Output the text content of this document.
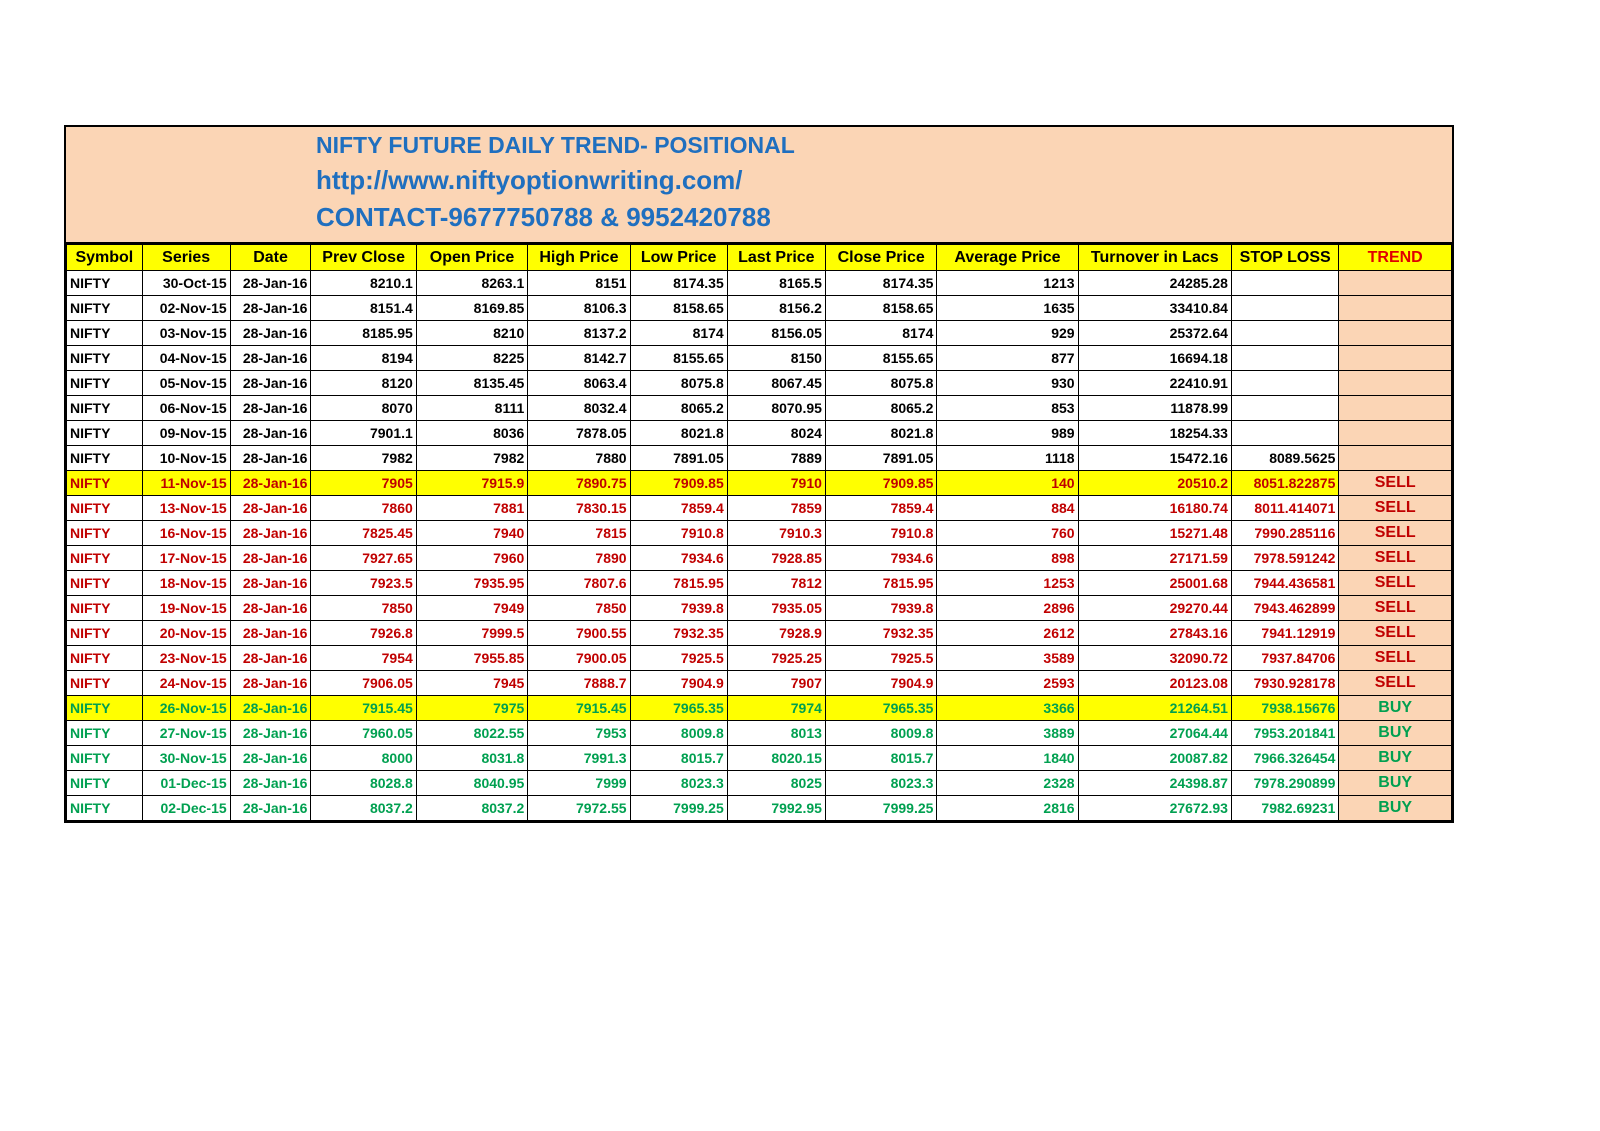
NIFTY FUTURE DAILY TREND- POSITIONAL
http://www.niftyoptionwriting.com/
CONTACT-9677750788 & 9952420788
Symbol	Series	Date	Prev Close	Open Price	High Price	Low Price	Last Price	Close Price	Average Price	Turnover in Lacs	STOP LOSS	TREND
NIFTY	30-Oct-15	28-Jan-16	8210.1	8263.1	8151	8174.35	8165.5	8174.35	1213	24285.28		
NIFTY	02-Nov-15	28-Jan-16	8151.4	8169.85	8106.3	8158.65	8156.2	8158.65	1635	33410.84		
NIFTY	03-Nov-15	28-Jan-16	8185.95	8210	8137.2	8174	8156.05	8174	929	25372.64		
NIFTY	04-Nov-15	28-Jan-16	8194	8225	8142.7	8155.65	8150	8155.65	877	16694.18		
NIFTY	05-Nov-15	28-Jan-16	8120	8135.45	8063.4	8075.8	8067.45	8075.8	930	22410.91		
NIFTY	06-Nov-15	28-Jan-16	8070	8111	8032.4	8065.2	8070.95	8065.2	853	11878.99		
NIFTY	09-Nov-15	28-Jan-16	7901.1	8036	7878.05	8021.8	8024	8021.8	989	18254.33		
NIFTY	10-Nov-15	28-Jan-16	7982	7982	7880	7891.05	7889	7891.05	1118	15472.16	8089.5625	
NIFTY	11-Nov-15	28-Jan-16	7905	7915.9	7890.75	7909.85	7910	7909.85	140	20510.2	8051.822875	SELL
NIFTY	13-Nov-15	28-Jan-16	7860	7881	7830.15	7859.4	7859	7859.4	884	16180.74	8011.414071	SELL
NIFTY	16-Nov-15	28-Jan-16	7825.45	7940	7815	7910.8	7910.3	7910.8	760	15271.48	7990.285116	SELL
NIFTY	17-Nov-15	28-Jan-16	7927.65	7960	7890	7934.6	7928.85	7934.6	898	27171.59	7978.591242	SELL
NIFTY	18-Nov-15	28-Jan-16	7923.5	7935.95	7807.6	7815.95	7812	7815.95	1253	25001.68	7944.436581	SELL
NIFTY	19-Nov-15	28-Jan-16	7850	7949	7850	7939.8	7935.05	7939.8	2896	29270.44	7943.462899	SELL
NIFTY	20-Nov-15	28-Jan-16	7926.8	7999.5	7900.55	7932.35	7928.9	7932.35	2612	27843.16	7941.12919	SELL
NIFTY	23-Nov-15	28-Jan-16	7954	7955.85	7900.05	7925.5	7925.25	7925.5	3589	32090.72	7937.84706	SELL
NIFTY	24-Nov-15	28-Jan-16	7906.05	7945	7888.7	7904.9	7907	7904.9	2593	20123.08	7930.928178	SELL
NIFTY	26-Nov-15	28-Jan-16	7915.45	7975	7915.45	7965.35	7974	7965.35	3366	21264.51	7938.15676	BUY
NIFTY	27-Nov-15	28-Jan-16	7960.05	8022.55	7953	8009.8	8013	8009.8	3889	27064.44	7953.201841	BUY
NIFTY	30-Nov-15	28-Jan-16	8000	8031.8	7991.3	8015.7	8020.15	8015.7	1840	20087.82	7966.326454	BUY
NIFTY	01-Dec-15	28-Jan-16	8028.8	8040.95	7999	8023.3	8025	8023.3	2328	24398.87	7978.290899	BUY
NIFTY	02-Dec-15	28-Jan-16	8037.2	8037.2	7972.55	7999.25	7992.95	7999.25	2816	27672.93	7982.69231	BUY
